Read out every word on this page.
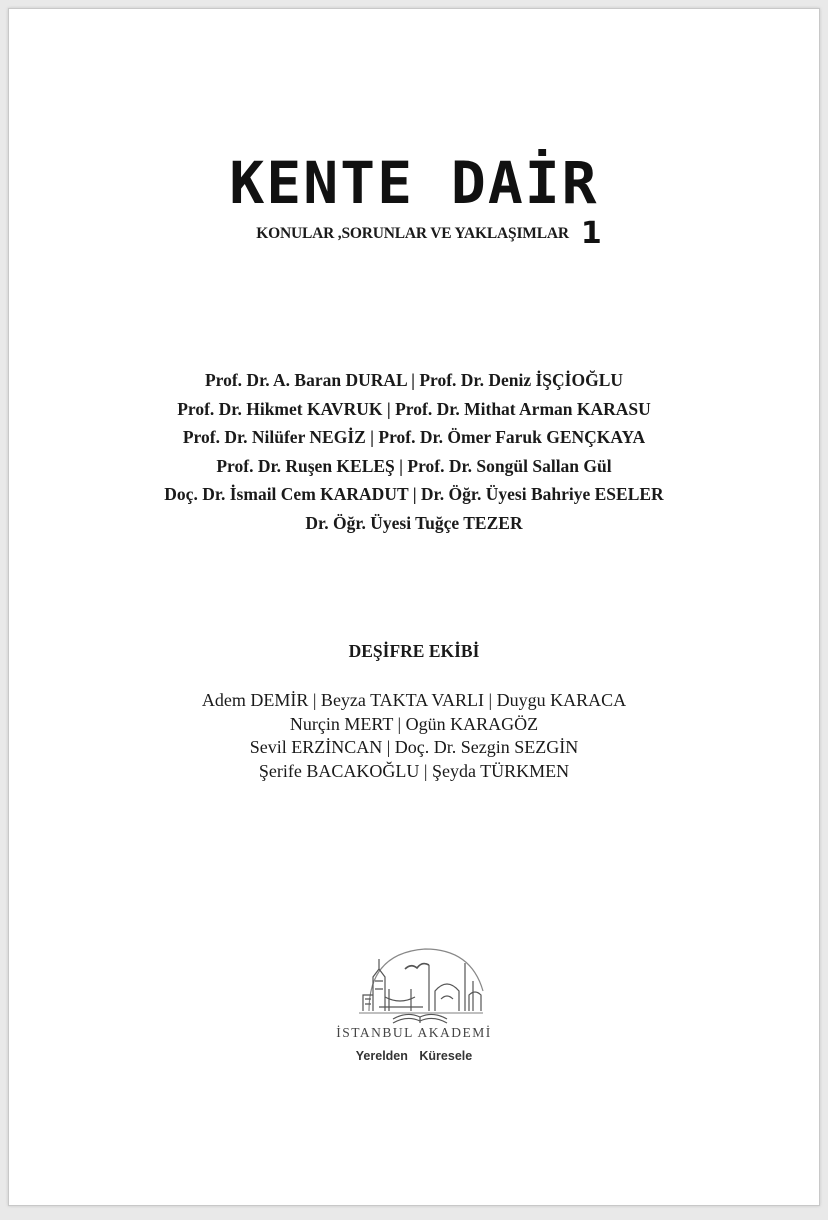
KENTE DAİR
KONULAR ,SORUNLAR VE YAKLAŞIMLAR 1
Prof. Dr. A. Baran DURAL | Prof. Dr. Deniz İŞÇİOĞLU
Prof. Dr. Hikmet KAVRUK | Prof. Dr. Mithat Arman KARASU
Prof. Dr. Nilüfer NEGİZ | Prof. Dr. Ömer Faruk GENÇKAYA
Prof. Dr. Ruşen KELEŞ | Prof. Dr. Songül Sallan Gül
Doç. Dr. İsmail Cem KARADUT | Dr. Öğr. Üyesi Bahriye ESELER
Dr. Öğr. Üyesi Tuğçe TEZER
DEŞİFRE EKİBİ
Adem DEMİR | Beyza TAKTA VARLI | Duygu KARACA
Nurçin MERT | Ogün KARAGÖZ
Sevil ERZİNCAN | Doç. Dr. Sezgin SEZGİN
Şerife BACAKOĞLU | Şeyda TÜRKMEN
İSTANBUL AKADEMİ
Yerelden Küresele
